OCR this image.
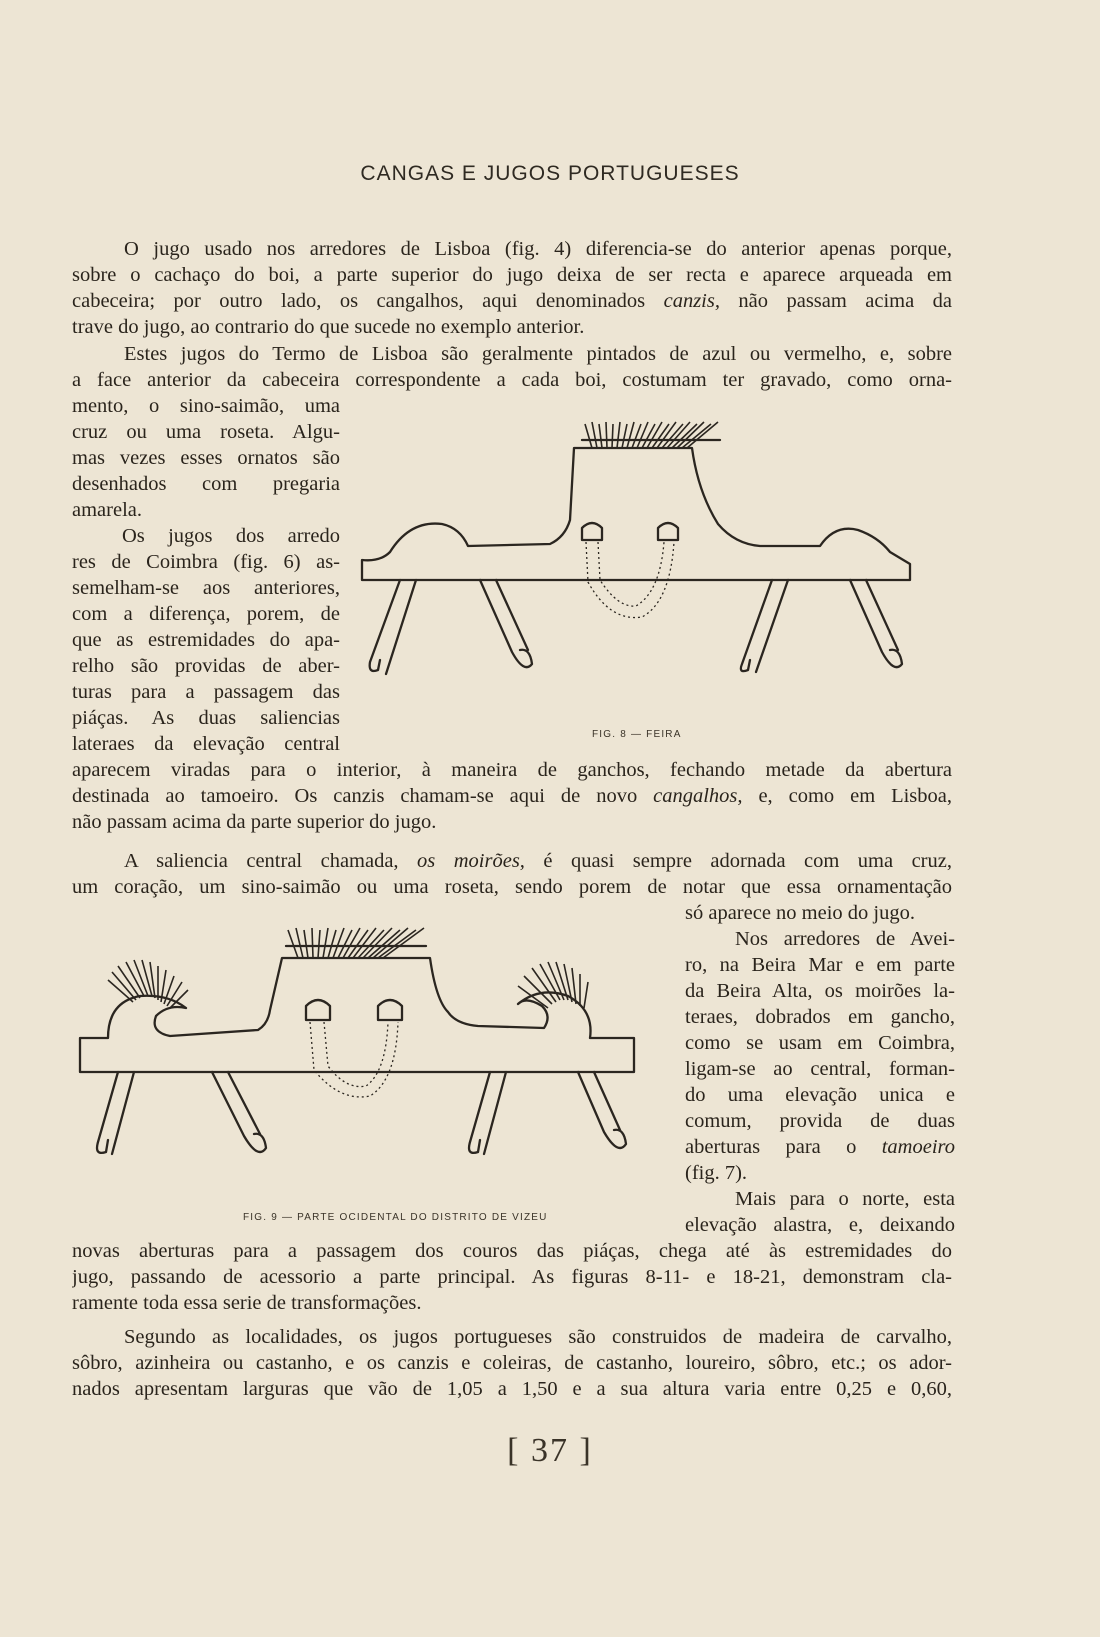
CANGAS E JUGOS PORTUGUESES
O jugo usado nos arredores de Lisboa (fig. 4) diferencia-se do anterior apenas porque,
sobre o cachaço do boi, a parte superior do jugo deixa de ser recta e aparece arqueada em
cabeceira; por outro lado, os cangalhos, aqui denominados canzis, não passam acima da
trave do jugo, ao contrario do que sucede no exemplo anterior.
Estes jugos do Termo de Lisboa são geralmente pintados de azul ou vermelho, e, sobre
a face anterior da cabeceira correspondente a cada boi, costumam ter gravado, como orna-
mento, o sino-saimão, uma
cruz ou uma roseta. Algu-
mas vezes esses ornatos são
desenhados com pregaria
amarela.
Os jugos dos arredo
res de Coimbra (fig. 6) as-
semelham-se aos anteriores,
com a diferença, porem, de
que as estremidades do apa-
relho são providas de aber-
turas para a passagem das
piáças. As duas saliencias
lateraes da elevação central
aparecem viradas para o interior, à maneira de ganchos, fechando metade da abertura
destinada ao tamoeiro. Os canzis chamam-se aqui de novo cangalhos, e, como em Lisboa,
não passam acima da parte superior do jugo.
A saliencia central chamada, os moirões, é quasi sempre adornada com uma cruz,
um coração, um sino-saimão ou uma roseta, sendo porem de notar que essa ornamentação
só aparece no meio do jugo.
Nos arredores de Avei-
ro, na Beira Mar e em parte
da Beira Alta, os moirões la-
teraes, dobrados em gancho,
como se usam em Coimbra,
ligam-se ao central, forman-
do uma elevação unica e
comum, provida de duas
aberturas para o tamoeiro
(fig. 7).
Mais para o norte, esta
elevação alastra, e, deixando
novas aberturas para a passagem dos couros das piáças, chega até às estremidades do
jugo, passando de acessorio a parte principal. As figuras 8-11- e 18-21, demonstram cla-
ramente toda essa serie de transformações.
Segundo as localidades, os jugos portugueses são construidos de madeira de carvalho,
sôbro, azinheira ou castanho, e os canzis e coleiras, de castanho, loureiro, sôbro, etc.; os ador-
nados apresentam larguras que vão de 1,05 a 1,50 e a sua altura varia entre 0,25 e 0,60,
FIG. 8 — FEIRA
FIG. 9 — PARTE OCIDENTAL DO DISTRITO DE VIZEU
[ 37 ]
